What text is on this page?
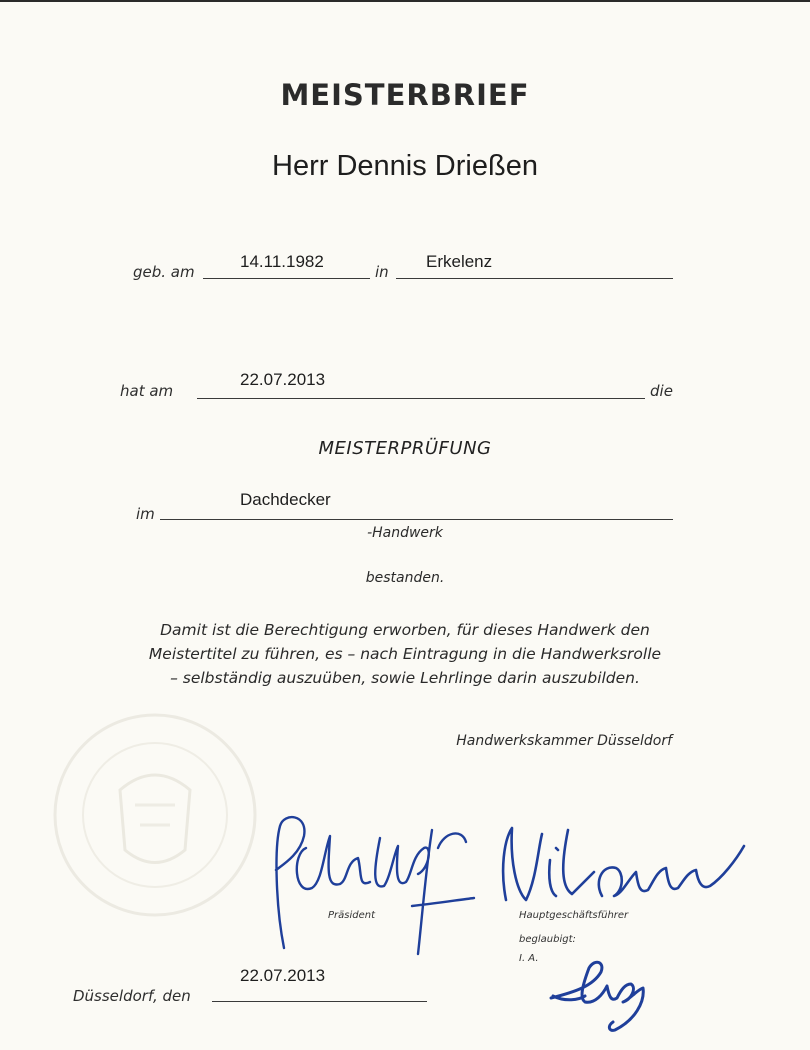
MEISTERBRIEF
Herr Dennis Drießen
geb. am
14.11.1982
in
Erkelenz
hat am
22.07.2013
die
MEISTERPRÜFUNG
im
Dachdecker
-Handwerk
bestanden.
Damit ist die Berechtigung erworben, für dieses Handwerk den
Meistertitel zu führen, es – nach Eintragung in die Handwerksrolle
– selbständig auszuüben, sowie Lehrlinge darin auszubilden.
Handwerkskammer Düsseldorf
Präsident	Hauptgeschäftsführer
beglaubigt:
I. A.
Düsseldorf, den
22.07.2013
